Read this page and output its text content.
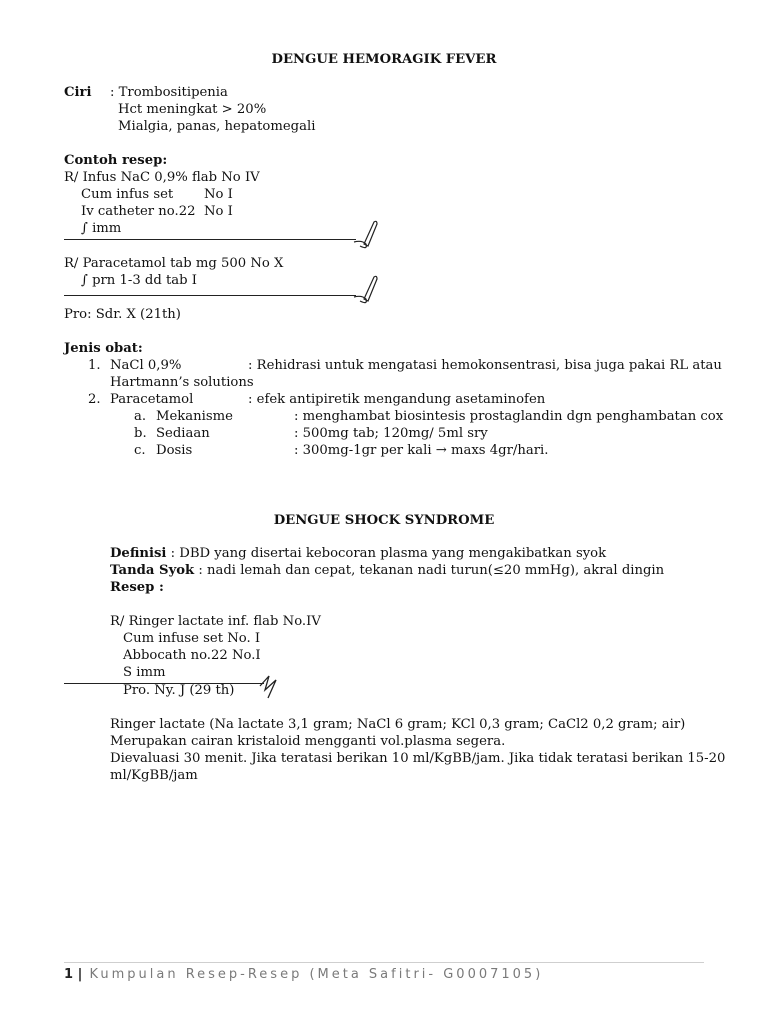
DENGUE HEMORAGIK FEVER
Ciri : Trombositipenia
Hct meningkat > 20%
Mialgia, panas, hepatomegali
Contoh resep:
R/ Infus NaC 0,9% flab No IV
Cum infus set No I
Iv catheter no.22 No I
∫ imm
R/ Paracetamol tab mg 500 No X
∫ prn 1-3 dd tab I
Pro: Sdr. X (21th)
Jenis obat:
1. NaCl 0,9%	: Rehidrasi untuk mengatasi hemokonsentrasi, bisa juga pakai RL atau
Hartmann’s solutions
2. Paracetamol	: efek antipiretik mengandung asetaminofen
a. Mekanisme	: menghambat biosintesis prostaglandin dgn penghambatan cox
b. Sediaan	: 500mg tab; 120mg/ 5ml sry
c. Dosis	: 300mg-1gr per kali → maxs 4gr/hari.
DENGUE SHOCK SYNDROME
Definisi : DBD yang disertai kebocoran plasma yang mengakibatkan syok
Tanda Syok : nadi lemah dan cepat, tekanan nadi turun(≤20 mmHg), akral dingin
Resep :
R/ Ringer lactate inf. flab No.IV
Cum infuse set No. I
Abbocath no.22 No.I
S imm
Pro. Ny. J (29 th)
Ringer lactate (Na lactate 3,1 gram; NaCl 6 gram; KCl 0,3 gram; CaCl2 0,2 gram; air)
Merupakan cairan kristaloid mengganti vol.plasma segera.
Dievaluasi 30 menit. Jika teratasi berikan 10 ml/KgBB/jam. Jika tidak teratasi berikan 15-20
ml/KgBB/jam
1 | Kumpulan Resep-Resep (Meta Safitri- G0007105)
